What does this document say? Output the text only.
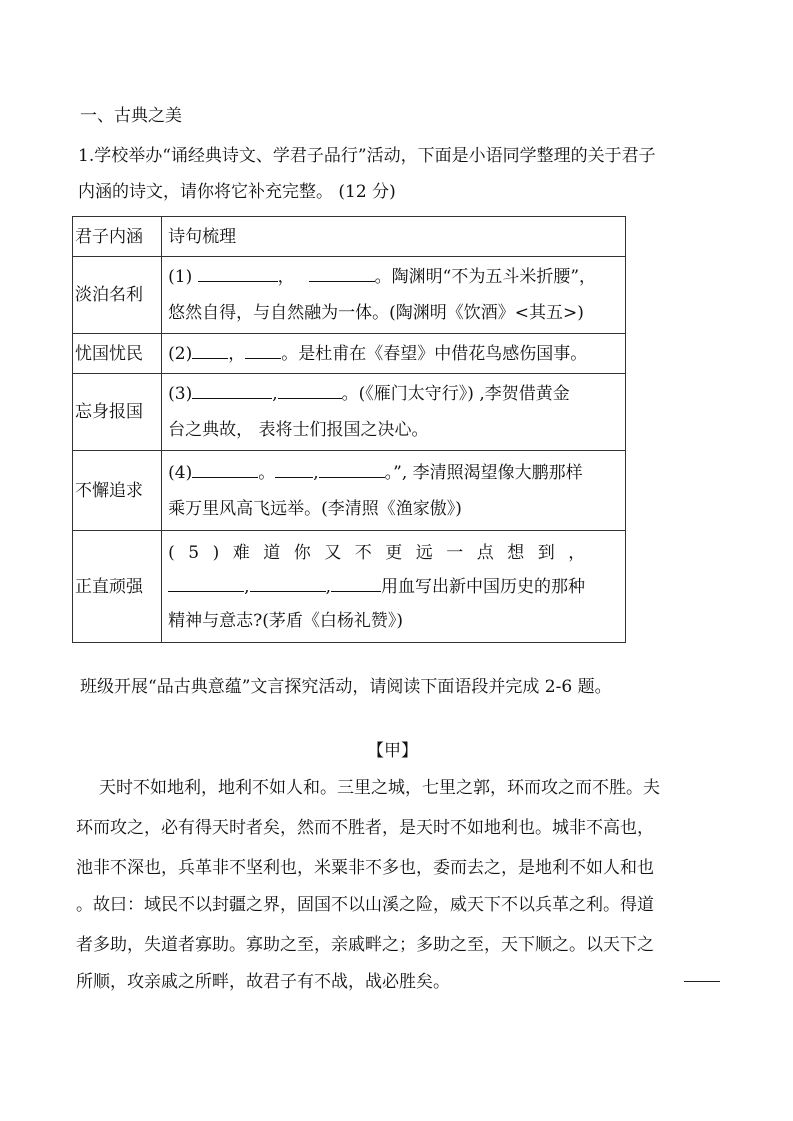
一、古典之美
1.学校举办“诵经典诗文、学君子品行”活动，下面是小语同学整理的关于君子
内涵的诗文，请你将它补充完整。 (12 分)
君子内涵	诗句梳理
淡泊名利	(1) ， 。陶渊明“不为五斗米折腰”，
悠然自得，与自然融为一体。(陶渊明《饮酒》<其五>)

忧国忧民	(2) ， 。是杜甫在《春望》中借花鸟感伤国事。

忘身报国	(3) , 。(《雁门太守行》) ,李贺借黄金
台之典故， 表将士们报国之决心。

不懈追求	(4) 。 , 。”, 李清照渴望像大鹏那样
乘万里风高飞远举。(李清照《渔家傲》)

正直顽强	(5)难道你又不更远一点想到，
, , 用血写出新中国历史的那种
精神与意志?(茅盾《白杨礼赞》)
班级开展“品古典意蕴”文言探究活动，请阅读下面语段并完成 2-6 题。
【甲】
天时不如地利，地利不如人和。三里之城，七里之郭，环而攻之而不胜。夫
环而攻之，必有得天时者矣，然而不胜者，是天时不如地利也。城非不高也，
池非不深也，兵革非不坚利也，米粟非不多也，委而去之，是地利不如人和也
。故曰：域民不以封疆之界，固国不以山溪之险，威天下不以兵革之利。得道
者多助，失道者寡助。寡助之至，亲戚畔之；多助之至，天下顺之。以天下之
所顺，攻亲戚之所畔，故君子有不战，战必胜矣。
